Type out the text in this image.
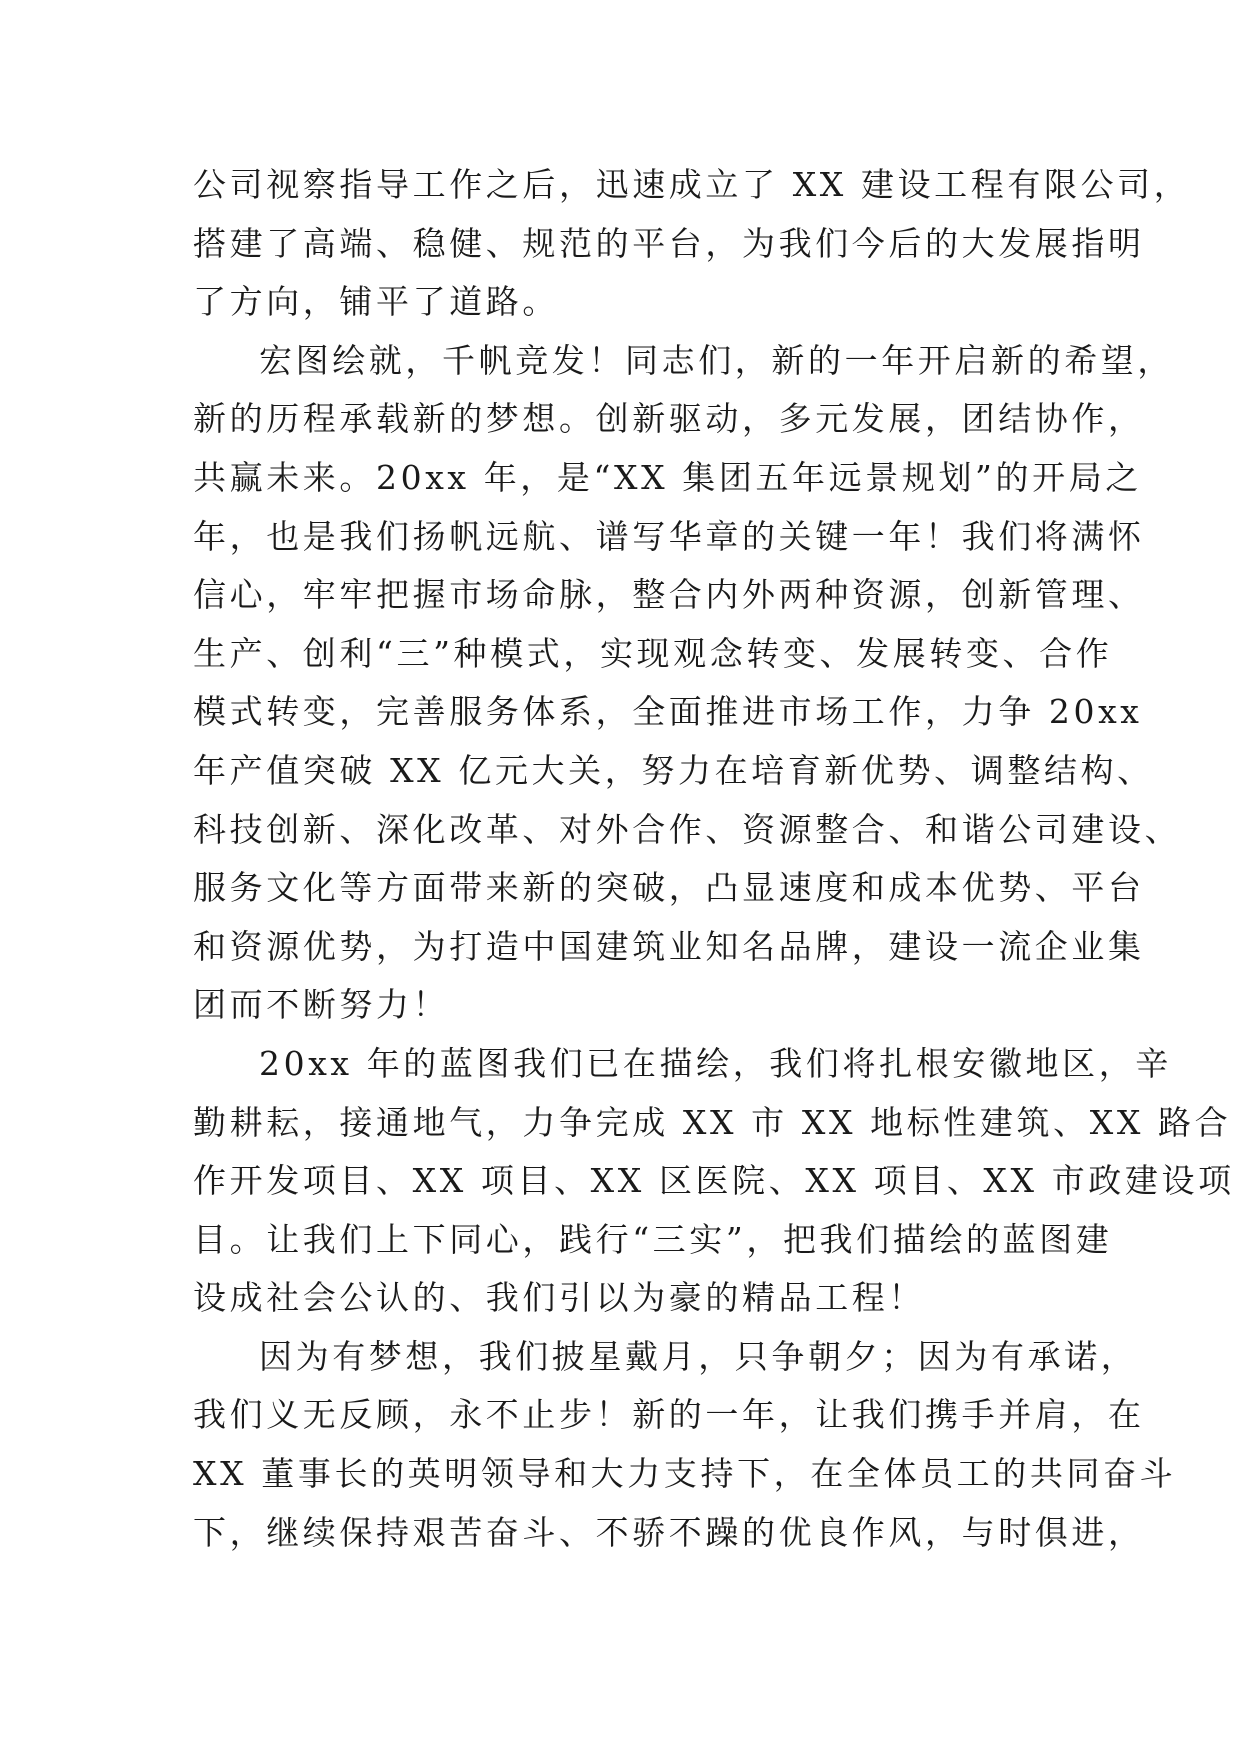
公司视察指导工作之后，迅速成立了 XX 建设工程有限公司，
搭建了高端、稳健、规范的平台，为我们今后的大发展指明
了方向，铺平了道路。

宏图绘就，千帆竞发！同志们，新的一年开启新的希望，
新的历程承载新的梦想。创新驱动，多元发展，团结协作，
共赢未来。20xx 年，是“XX 集团五年远景规划”的开局之
年，也是我们扬帆远航、谱写华章的关键一年！我们将满怀
信心，牢牢把握市场命脉，整合内外两种资源，创新管理、
生产、创利“三”种模式，实现观念转变、发展转变、合作
模式转变，完善服务体系，全面推进市场工作，力争 20xx
年产值突破 XX 亿元大关，努力在培育新优势、调整结构、
科技创新、深化改革、对外合作、资源整合、和谐公司建设、
服务文化等方面带来新的突破，凸显速度和成本优势、平台
和资源优势，为打造中国建筑业知名品牌，建设一流企业集
团而不断努力！

20xx 年的蓝图我们已在描绘，我们将扎根安徽地区，辛
勤耕耘，接通地气，力争完成 XX 市 XX 地标性建筑、XX 路合
作开发项目、XX 项目、XX 区医院、XX 项目、XX 市政建设项
目。让我们上下同心，践行“三实”，把我们描绘的蓝图建
设成社会公认的、我们引以为豪的精品工程！

因为有梦想，我们披星戴月，只争朝夕；因为有承诺，
我们义无反顾，永不止步！新的一年，让我们携手并肩，在
XX 董事长的英明领导和大力支持下，在全体员工的共同奋斗
下，继续保持艰苦奋斗、不骄不躁的优良作风，与时俱进，
